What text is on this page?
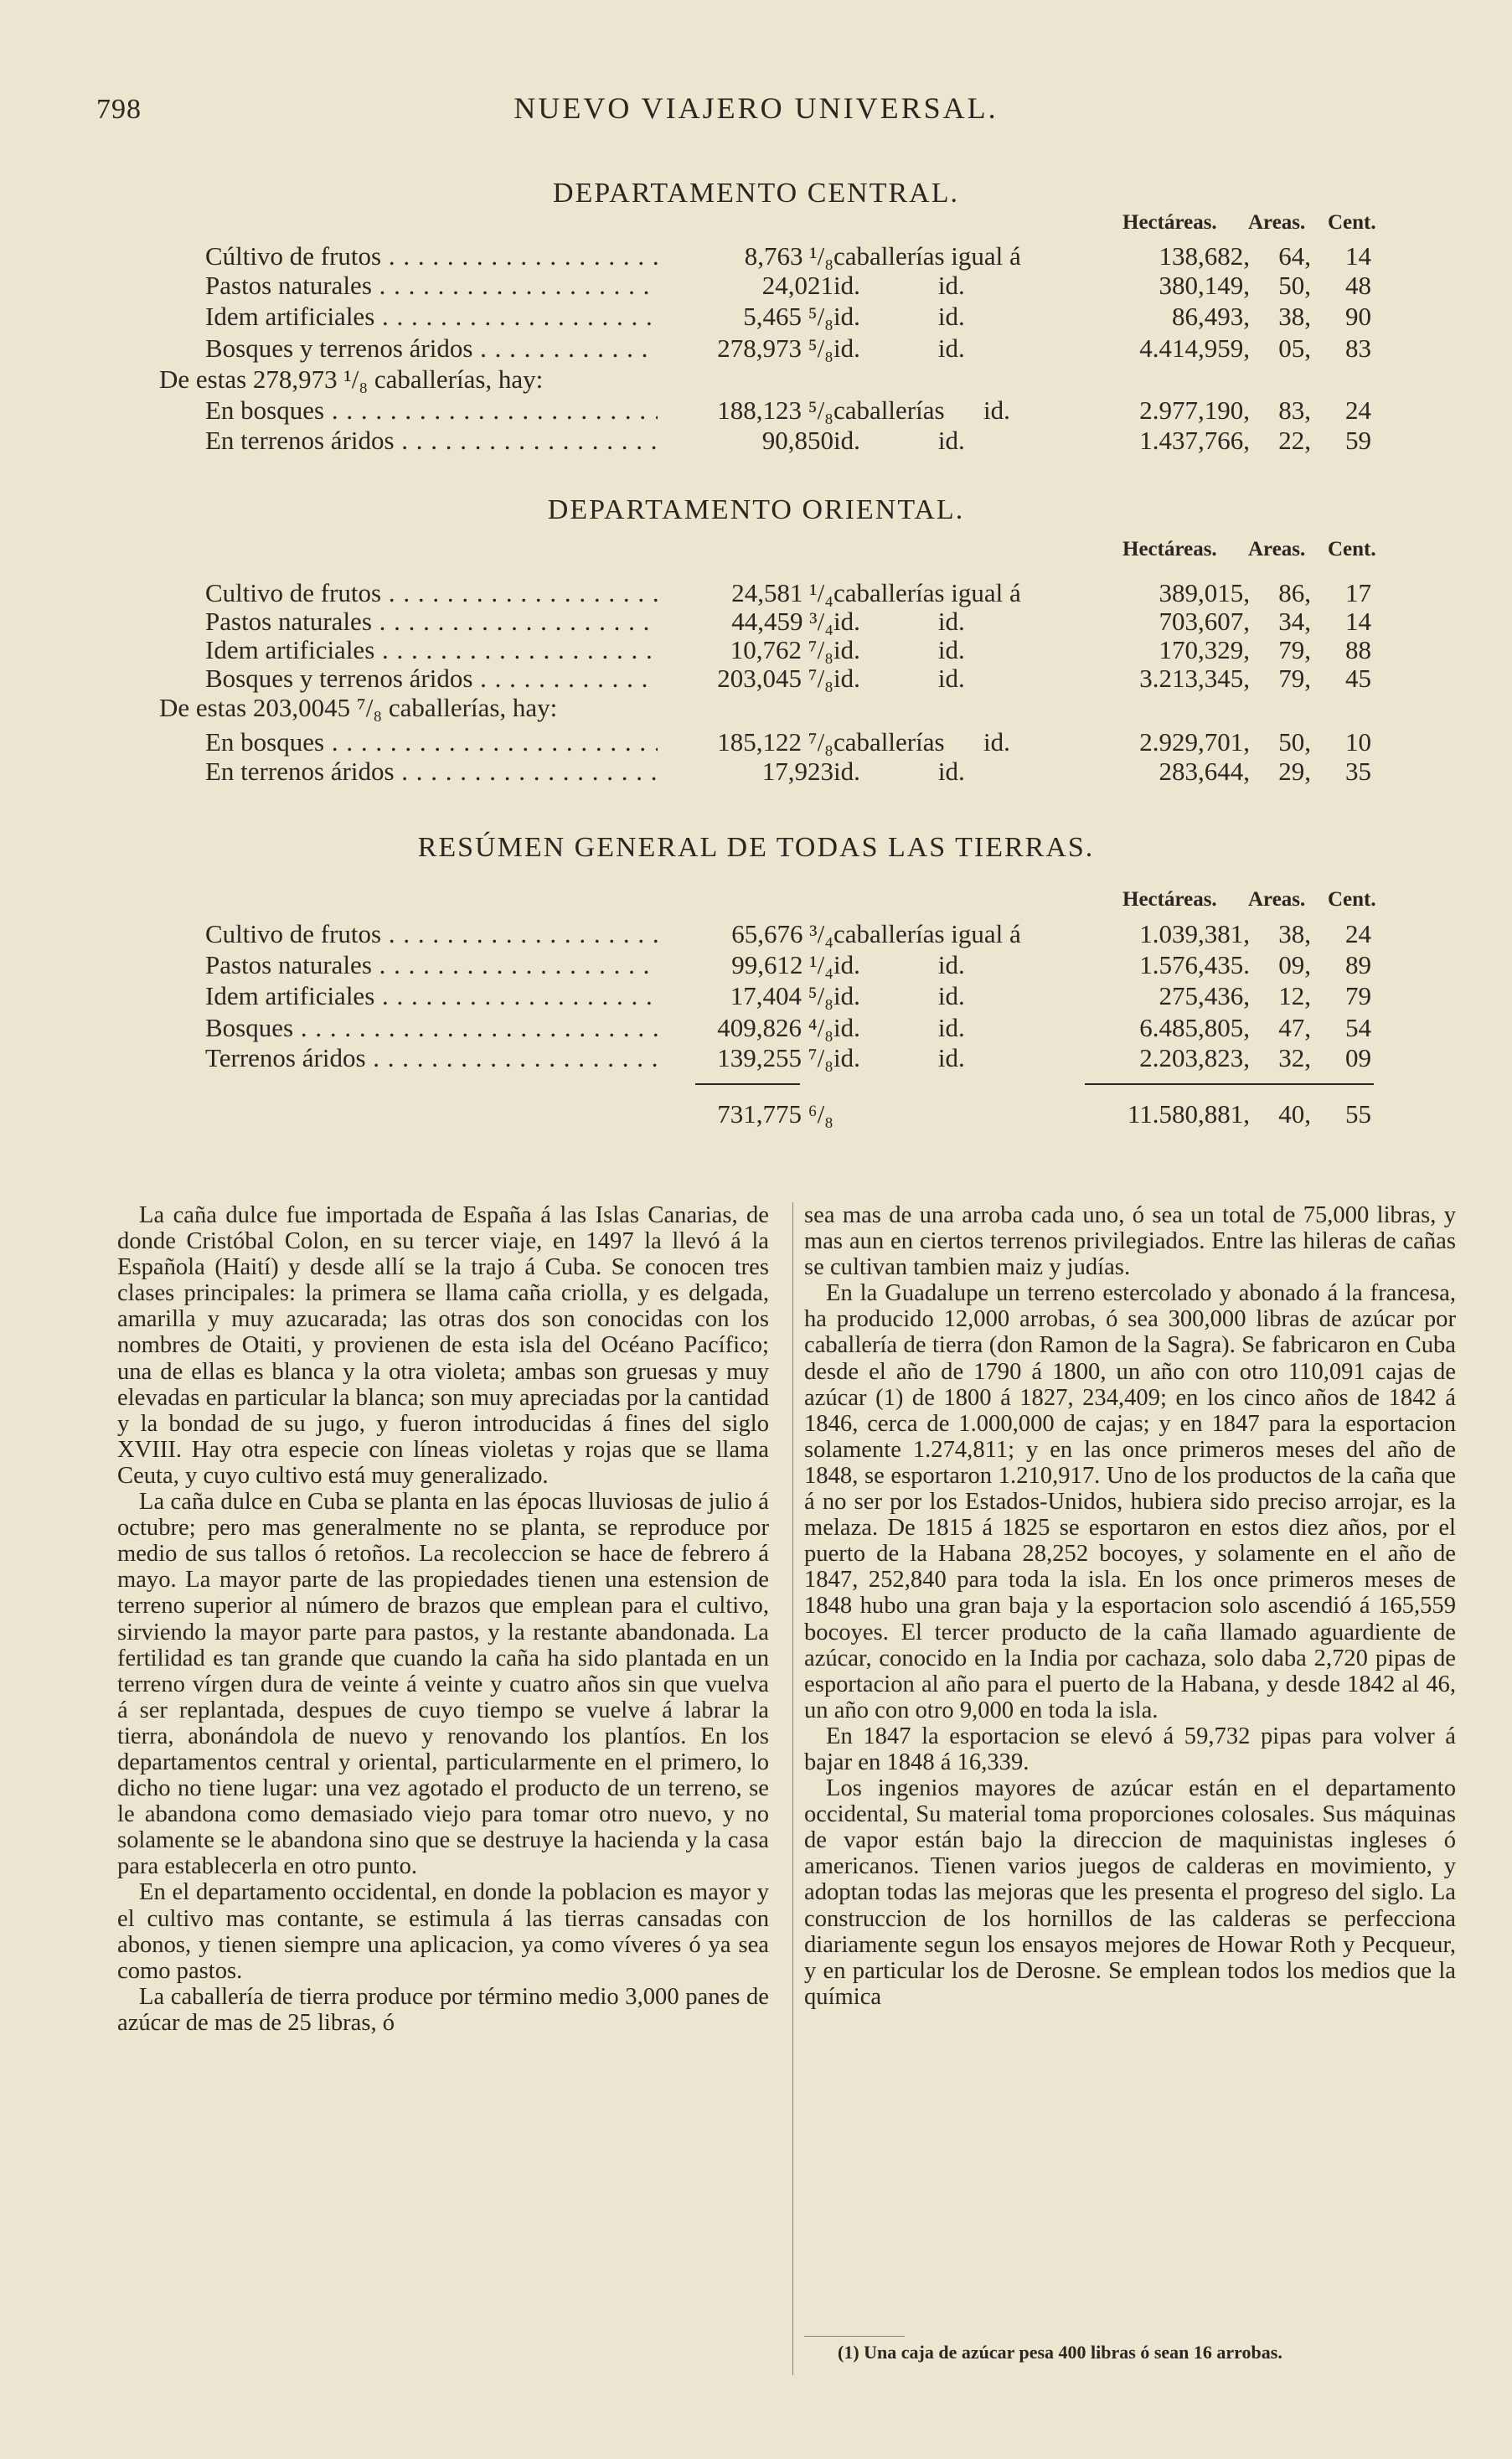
798	NUEVO VIAJERO UNIVERSAL.
DEPARTAMENTO CENTRAL.
Hectáreas. Areas. Cent.
Cúltivo de frutos . . .	8,763 ¹/₈ caballerías igual á	138,682,	64,	14
Pastos naturales . . .	24,021 id.            id.	380,149,	50,	48
Idem artificiales . . .	5,465 ⁵/₈ id.            id.	86,493,	38,	90
Bosques y terrenos áridos . . .	278,973 ⁵/₈ id.            id.	4.414,959,	05,	83
De estas 278,973 ¹/₈ caballerías, hay:
En bosques . . .	188,123 ⁵/₈ caballerías      id.	2.977,190,	83,	24
En terrenos áridos . . .	90,850 id.            id.	1.437,766,	22,	59
DEPARTAMENTO ORIENTAL.
Hectáreas. Areas. Cent.
Cultivo de frutos . . .	24,581 ¹/₄ caballerías igual á	389,015,	86,	17
Pastos naturales . . .	44,459 ³/₄ id.            id.	703,607,	34,	14
Idem artificiales . . .	10,762 ⁷/₈ id.            id.	170,329,	79,	88
Bosques y terrenos áridos . . .	203,045 ⁷/₈ id.            id.	3.213,345,	79,	45
De estas 203,0045 ⁷/₈ caballerías, hay:
En bosques . . .	185,122 ⁷/₈ caballerías      id.	2.929,701,	50,	10
En terrenos áridos . . .	17,923 id.            id.	283,644,	29,	35
RESÚMEN GENERAL DE TODAS LAS TIERRAS.
Hectáreas. Areas. Cent.
Cultivo de frutos . . .	65,676 ³/₄ caballerías igual á	1.039,381,	38,	24
Pastos naturales . . .	99,612 ¹/₄ id.            id.	1.576,435.	09,	89
Idem artificiales . . .	17,404 ⁵/₈ id.            id.	275,436,	12,	79
Bosques . . .	409,826 ⁴/₈ id.            id.	6.485,805,	47,	54
Terrenos áridos . . .	139,255 ⁷/₈ id.            id.	2.203,823,	32,	09
731,775 ⁶/₈	11.580,881,	40,	55

La caña dulce fue importada de España á las Islas Canarias, de donde Cristóbal Colon, en su tercer viaje, en 1497 la llevó á la Española (Haití) y desde allí se la trajo á Cuba. Se conocen tres clases principales: la primera se llama caña criolla, y es delgada, amarilla y muy azucarada; las otras dos son conocidas con los nombres de Otaiti, y provienen de esta isla del Océano Pacífico; una de ellas es blanca y la otra violeta; ambas son gruesas y muy elevadas en particular la blanca; son muy apreciadas por la cantidad y la bondad de su jugo, y fueron introducidas á fines del siglo XVIII. Hay otra especie con líneas violetas y rojas que se llama Ceuta, y cuyo cultivo está muy generalizado.

La caña dulce en Cuba se planta en las épocas lluviosas de julio á octubre; pero mas generalmente no se planta, se reproduce por medio de sus tallos ó retoños. La recoleccion se hace de febrero á mayo. La mayor parte de las propiedades tienen una estension de terreno superior al número de brazos que emplean para el cultivo, sirviendo la mayor parte para pastos, y la restante abandonada. La fertilidad es tan grande que cuando la caña ha sido plantada en un terreno vírgen dura de veinte á veinte y cuatro años sin que vuelva á ser replantada, despues de cuyo tiempo se vuelve á labrar la tierra, abonándola de nuevo y renovando los plantíos. En los departamentos central y oriental, particularmente en el primero, lo dicho no tiene lugar: una vez agotado el producto de un terreno, se le abandona como demasiado viejo para tomar otro nuevo, y no solamente se le abandona sino que se destruye la hacienda y la casa para establecerla en otro punto.

En el departamento occidental, en donde la poblacion es mayor y el cultivo mas contante, se estimula á las tierras cansadas con abonos, y tienen siempre una aplicacion, ya como víveres ó ya sea como pastos.

La caballería de tierra produce por término medio 3,000 panes de azúcar de mas de 25 libras, ó

sea mas de una arroba cada uno, ó sea un total de 75,000 libras, y mas aun en ciertos terrenos privilegiados. Entre las hileras de cañas se cultivan tambien maiz y judías.

En la Guadalupe un terreno estercolado y abonado á la francesa, ha producido 12,000 arrobas, ó sea 300,000 libras de azúcar por caballería de tierra (don Ramon de la Sagra). Se fabricaron en Cuba desde el año de 1790 á 1800, un año con otro 110,091 cajas de azúcar (1) de 1800 á 1827, 234,409; en los cinco años de 1842 á 1846, cerca de 1.000,000 de cajas; y en 1847 para la esportacion solamente 1.274,811; y en las once primeros meses del año de 1848, se esportaron 1.210,917. Uno de los productos de la caña que á no ser por los Estados-Unidos, hubiera sido preciso arrojar, es la melaza. De 1815 á 1825 se esportaron en estos diez años, por el puerto de la Habana 28,252 bocoyes, y solamente en el año de 1847, 252,840 para toda la isla. En los once primeros meses de 1848 hubo una gran baja y la esportacion solo ascendió á 165,559 bocoyes. El tercer producto de la caña llamado aguardiente de azúcar, conocido en la India por cachaza, solo daba 2,720 pipas de esportacion al año para el puerto de la Habana, y desde 1842 al 46, un año con otro 9,000 en toda la isla.

En 1847 la esportacion se elevó á 59,732 pipas para volver á bajar en 1848 á 16,339.

Los ingenios mayores de azúcar están en el departamento occidental, Su material toma proporciones colosales. Sus máquinas de vapor están bajo la direccion de maquinistas ingleses ó americanos. Tienen varios juegos de calderas en movimiento, y adoptan todas las mejoras que les presenta el progreso del siglo. La construccion de los hornillos de las calderas se perfecciona diariamente segun los ensayos mejores de Howar Roth y Pecqueur, y en particular los de Derosne. Se emplean todos los medios que la química

(1) Una caja de azúcar pesa 400 libras ó sean 16 arrobas.
